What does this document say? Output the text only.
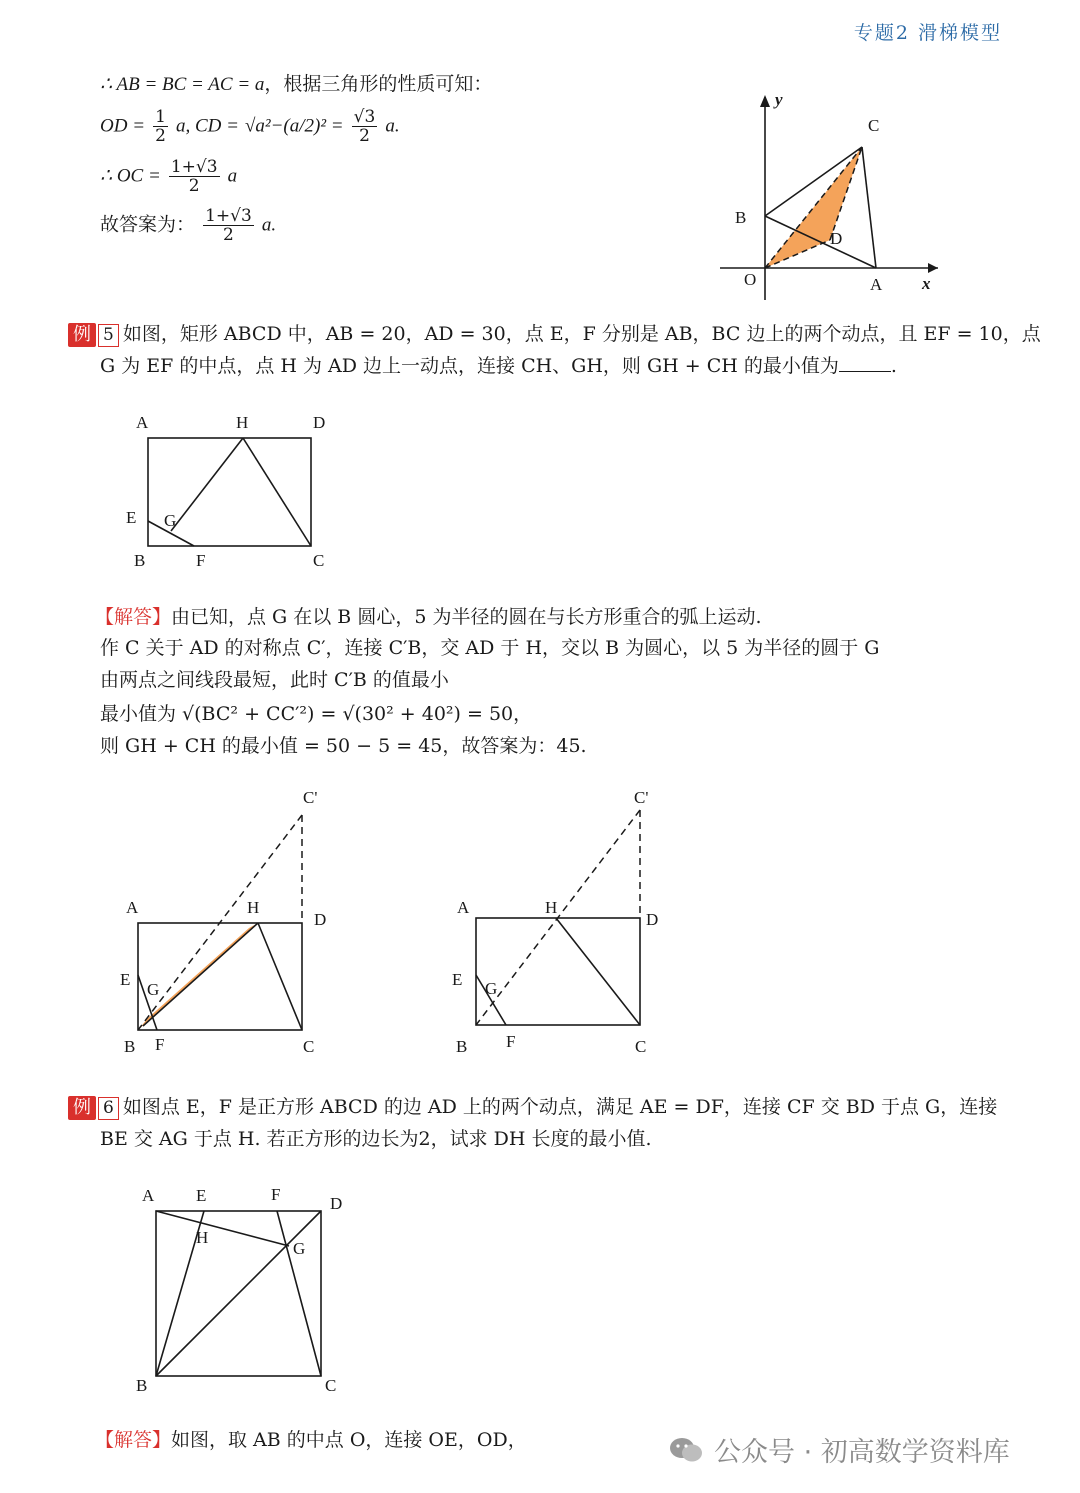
专题2 滑梯模型
∴ AB = BC = AC = a，根据三角形的性质可知：
OD = $\frac{1}{2} a$, CD = $√a^2-(a/2)^2 = \frac{√3}{2} a$.
∴ OC = $\frac{1+√3}{2}$ a
故答案为： $\frac{1+√3}{2} a$.
y
C
B
D
O	A x
例 5 如图，矩形 ABCD 中，AB = 20，AD = 30，点 E，F 分别是 AB，BC 边上的两个动点，且 EF = 10，点
G 为 EF 的中点，点 H 为 AD 边上一动点，连接 CH、GH，则 GH + CH 的最小值为	.
A	H	D
E G
B	F	C
【解答】由已知，点 G 在以 B 圆心，5 为半径的圆在与长方形重合的弧上运动.
作 C 关于 AD 的对称点 C′，连接 C′B，交 AD 于 H，交以 B 为圆心，以 5 为半径的圆于 G
由两点之间线段最短，此时 C′B 的值最小
最小值为 √(BC² + CC′²) = √(30² + 40²) = 50，
则 GH + CH 的最小值 = 50 − 5 = 45，故答案为：45.
C'
A	H
D
E
G
B F	C
C'
A	H
D
E G
B F	C
例 6 如图点 E，F 是正方形 ABCD 的边 AD 上的两个动点，满足 AE = DF，连接 CF 交 BD 于点 G，连接
BE 交 AG 于点 H. 若正方形的边长为2，试求 DH 长度的最小值.
A E	F	D
H
G
B	C
【解答】如图，取 AB 的中点 O，连接 OE，OD，	公众号 · 初高数学资料库
